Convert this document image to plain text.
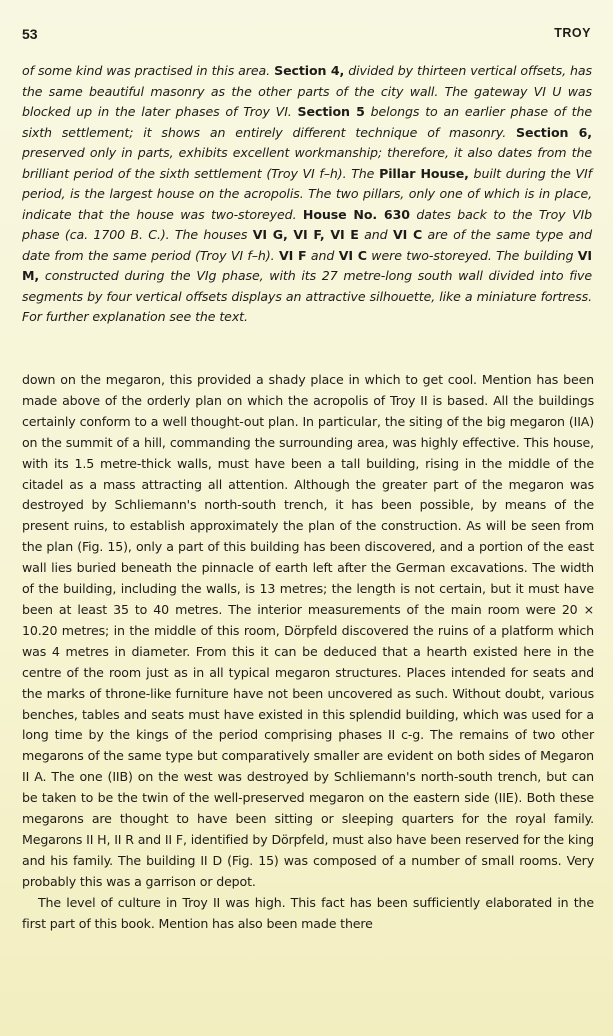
53	TROY
of some kind was practised in this area. Section 4, divided by thirteen vertical offsets, has the same beautiful masonry as the other parts of the city wall. The gateway VI U was blocked up in the later phases of Troy VI. Section 5 belongs to an earlier phase of the sixth settlement; it shows an entirely different technique of masonry. Section 6, preserved only in parts, exhibits excellent workmanship; therefore, it also dates from the brilliant period of the sixth settlement (Troy VI f–h). The Pillar House, built during the VIf period, is the largest house on the acropolis. The two pillars, only one of which is in place, indicate that the house was two-storeyed. House No. 630 dates back to the Troy VIb phase (ca. 1700 B. C.). The houses VI G, VI F, VI E and VI C are of the same type and date from the same period (Troy VI f–h). VI F and VI C were two-storeyed. The building VI M, constructed during the VIg phase, with its 27 metre-long south wall divided into five segments by four vertical offsets displays an attractive silhouette, like a miniature fortress. For further explanation see the text.

down on the megaron, this provided a shady place in which to get cool. Mention has been made above of the orderly plan on which the acropolis of Troy II is based. All the buildings certainly conform to a well thought-out plan. In particular, the siting of the big megaron (IIA) on the summit of a hill, commanding the surrounding area, was highly effective. This house, with its 1.5 metre-thick walls, must have been a tall building, rising in the middle of the citadel as a mass attracting all attention. Although the greater part of the megaron was destroyed by Schliemann's north-south trench, it has been possible, by means of the present ruins, to establish approximately the plan of the construction. As will be seen from the plan (Fig. 15), only a part of this building has been discovered, and a portion of the east wall lies buried beneath the pinnacle of earth left after the German excavations. The width of the building, including the walls, is 13 metres; the length is not certain, but it must have been at least 35 to 40 metres. The interior measurements of the main room were 20 × 10.20 metres; in the middle of this room, Dörpfeld discovered the ruins of a platform which was 4 metres in diameter. From this it can be deduced that a hearth existed here in the centre of the room just as in all typical megaron structures. Places intended for seats and the marks of throne-like furniture have not been uncovered as such. Without doubt, various benches, tables and seats must have existed in this splendid building, which was used for a long time by the kings of the period comprising phases II c-g. The remains of two other megarons of the same type but comparatively smaller are evident on both sides of Megaron II A. The one (IIB) on the west was destroyed by Schliemann's north-south trench, but can be taken to be the twin of the well-preserved megaron on the eastern side (IIE). Both these megarons are thought to have been sitting or sleeping quarters for the royal family. Megarons II H, II R and II F, identified by Dörpfeld, must also have been reserved for the king and his family. The building II D (Fig. 15) was composed of a number of small rooms. Very probably this was a garrison or depot.

The level of culture in Troy II was high. This fact has been sufficiently elaborated in the first part of this book. Mention has also been made there
